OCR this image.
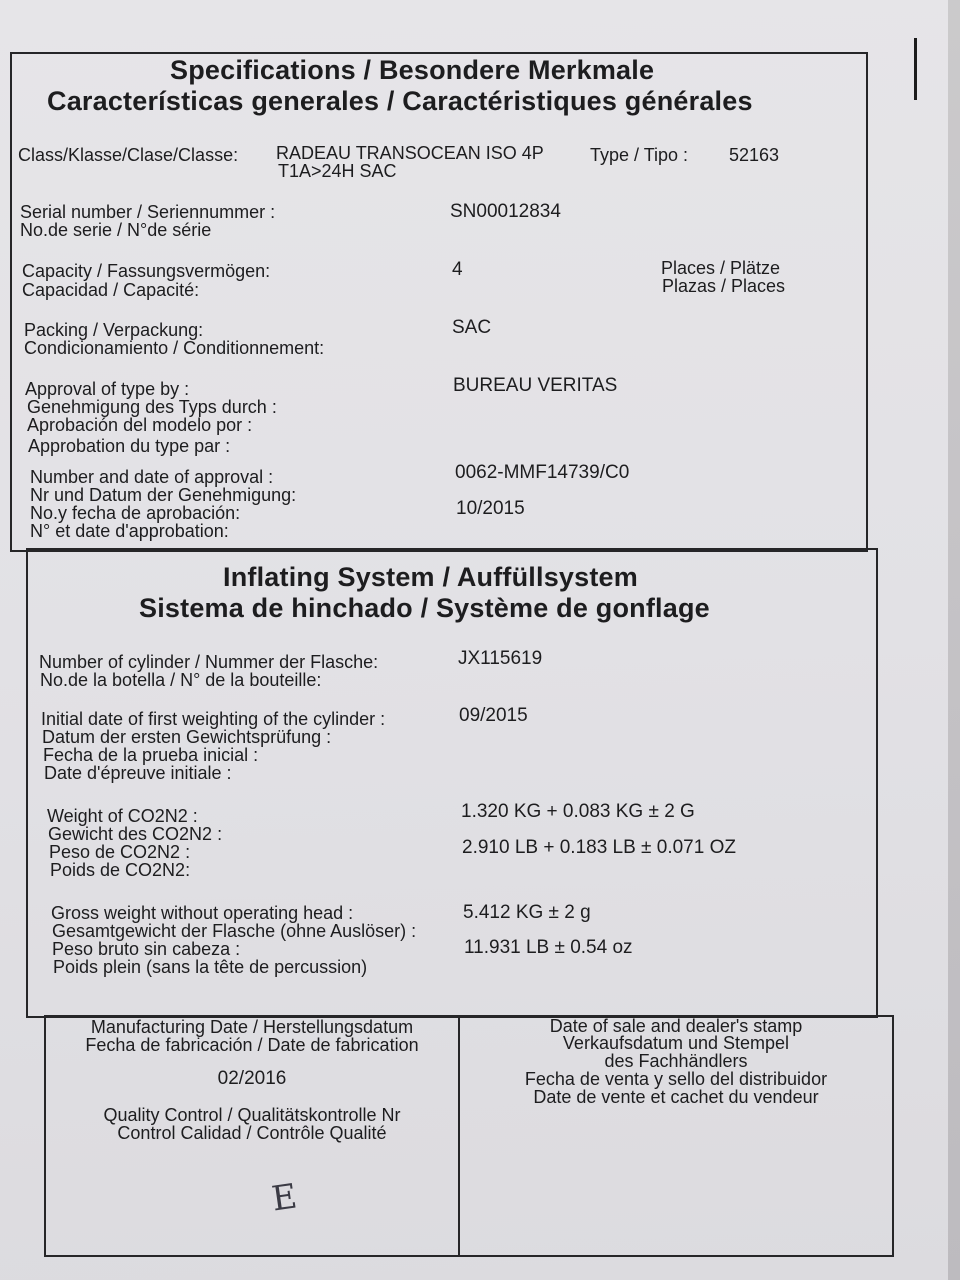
Specifications / Besondere Merkmale
Características generales / Caractéristiques générales
Class/Klasse/Clase/Classe: RADEAU TRANSOCEAN ISO 4P
T1A>24H SAC
Type / Tipo : 52163
Serial number / Seriennummer :
No.de serie / N°de série
SN00012834
Capacity / Fassungsvermögen:
Capacidad / Capacité:
4	Places / Plätze
Plazas / Places
Packing / Verpackung:
Condicionamiento / Conditionnement:
SAC
Approval of type by :
Genehmigung des Typs durch :
Aprobación del modelo por :
Approbation du type par :
BUREAU VERITAS
Number and date of approval :
Nr und Datum der Genehmigung:
No.y fecha de aprobación:
N° et date d'approbation:
0062-MMF14739/C0
10/2015
Inflating System / Auffüllsystem
Sistema de hinchado / Système de gonflage
Number of cylinder / Nummer der Flasche:
No.de la botella / N° de la bouteille:
JX115619
Initial date of first weighting of the cylinder :
Datum der ersten Gewichtsprüfung :
Fecha de la prueba inicial :
Date d'épreuve initiale :
09/2015
Weight of CO2N2 :
Gewicht des CO2N2 :
Peso de CO2N2 :
Poids de CO2N2:
1.320 KG + 0.083 KG ± 2 G
2.910 LB + 0.183 LB ± 0.071 OZ
Gross weight without operating head :
Gesamtgewicht der Flasche (ohne Auslöser) :
Peso bruto sin cabeza :
Poids plein (sans la tête de percussion)
5.412 KG ± 2 g
11.931 LB ± 0.54 oz
Manufacturing Date / Herstellungsdatum
Fecha de fabricación / Date de fabrication
02/2016
Quality Control / Qualitätskontrolle Nr
Control Calidad / Contrôle Qualité
E
Date of sale and dealer's stamp
Verkaufsdatum und Stempel
des Fachhändlers
Fecha de venta y sello del distribuidor
Date de vente et cachet du vendeur
